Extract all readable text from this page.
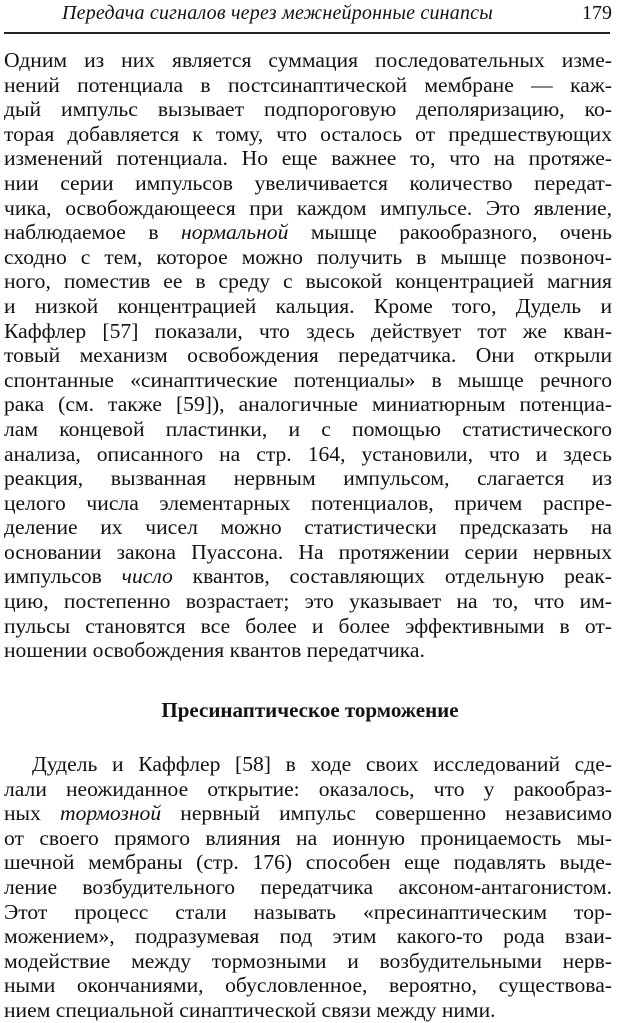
Передача сигналов через межнейронные синапсы	179
Одним из них является суммация последовательных изме-
нений потенциала в постсинаптической мембране — каж-
дый импульс вызывает подпороговую деполяризацию, ко-
торая добавляется к тому, что осталось от предшествующих
изменений потенциала. Но еще важнее то, что на протяже-
нии серии импульсов увеличивается количество передат-
чика, освобождающееся при каждом импульсе. Это явление,
наблюдаемое в нормальной мышце ракообразного, очень
сходно с тем, которое можно получить в мышце позвоноч-
ного, поместив ее в среду с высокой концентрацией магния
и низкой концентрацией кальция. Кроме того, Дудель и
Каффлер [57] показали, что здесь действует тот же кван-
товый механизм освобождения передатчика. Они открыли
спонтанные «синаптические потенциалы» в мышце речного
рака (см. также [59]), аналогичные миниатюрным потенциа-
лам концевой пластинки, и с помощью статистического
анализа, описанного на стр. 164, установили, что и здесь
реакция, вызванная нервным импульсом, слагается из
целого числа элементарных потенциалов, причем распре-
деление их чисел можно статистически предсказать на
основании закона Пуассона. На протяжении серии нервных
импульсов число квантов, составляющих отдельную реак-
цию, постепенно возрастает; это указывает на то, что им-
пульсы становятся все более и более эффективными в от-
ношении освобождения квантов передатчика.
Пресинаптическое торможение
Дудель и Каффлер [58] в ходе своих исследований сде-
лали неожиданное открытие: оказалось, что у ракообраз-
ных тормозной нервный импульс совершенно независимо
от своего прямого влияния на ионную проницаемость мы-
шечной мембраны (стр. 176) способен еще подавлять выде-
ление возбудительного передатчика аксоном-антагонистом.
Этот процесс стали называть «пресинаптическим тор-
можением», подразумевая под этим какого-то рода взаи-
модействие между тормозными и возбудительными нерв-
ными окончаниями, обусловленное, вероятно, существова-
нием специальной синаптической связи между ними.
